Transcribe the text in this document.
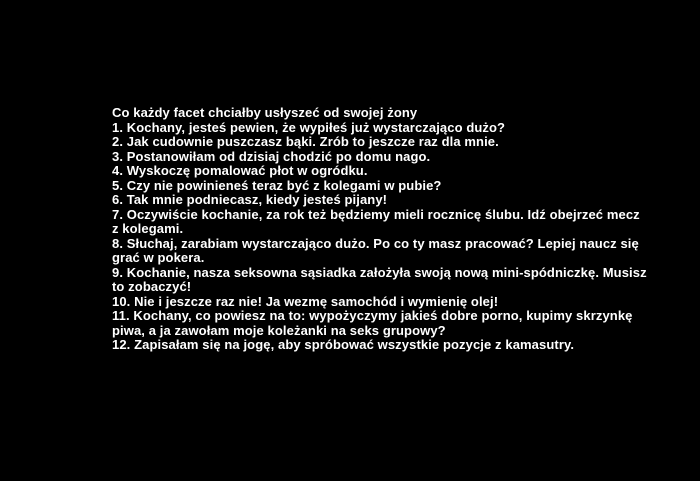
Co każdy facet chciałby usłyszeć od swojej żony
1. Kochany, jesteś pewien, że wypiłeś już wystarczająco dużo?
2. Jak cudownie puszczasz bąki. Zrób to jeszcze raz dla mnie.
3. Postanowiłam od dzisiaj chodzić po domu nago.
4. Wyskoczę pomalować płot w ogródku.
5. Czy nie powinieneś teraz być z kolegami w pubie?
6. Tak mnie podniecasz, kiedy jesteś pijany!
7. Oczywiście kochanie, za rok też będziemy mieli rocznicę ślubu. Idź obejrzeć mecz
z kolegami.
8. Słuchaj, zarabiam wystarczająco dużo. Po co ty masz pracować? Lepiej naucz się
grać w pokera.
9. Kochanie, nasza seksowna sąsiadka założyła swoją nową mini-spódniczkę. Musisz
to zobaczyć!
10. Nie i jeszcze raz nie! Ja wezmę samochód i wymienię olej!
11. Kochany, co powiesz na to: wypożyczymy jakieś dobre porno, kupimy skrzynkę
piwa, a ja zawołam moje koleżanki na seks grupowy?
12. Zapisałam się na jogę, aby spróbować wszystkie pozycje z kamasutry.
